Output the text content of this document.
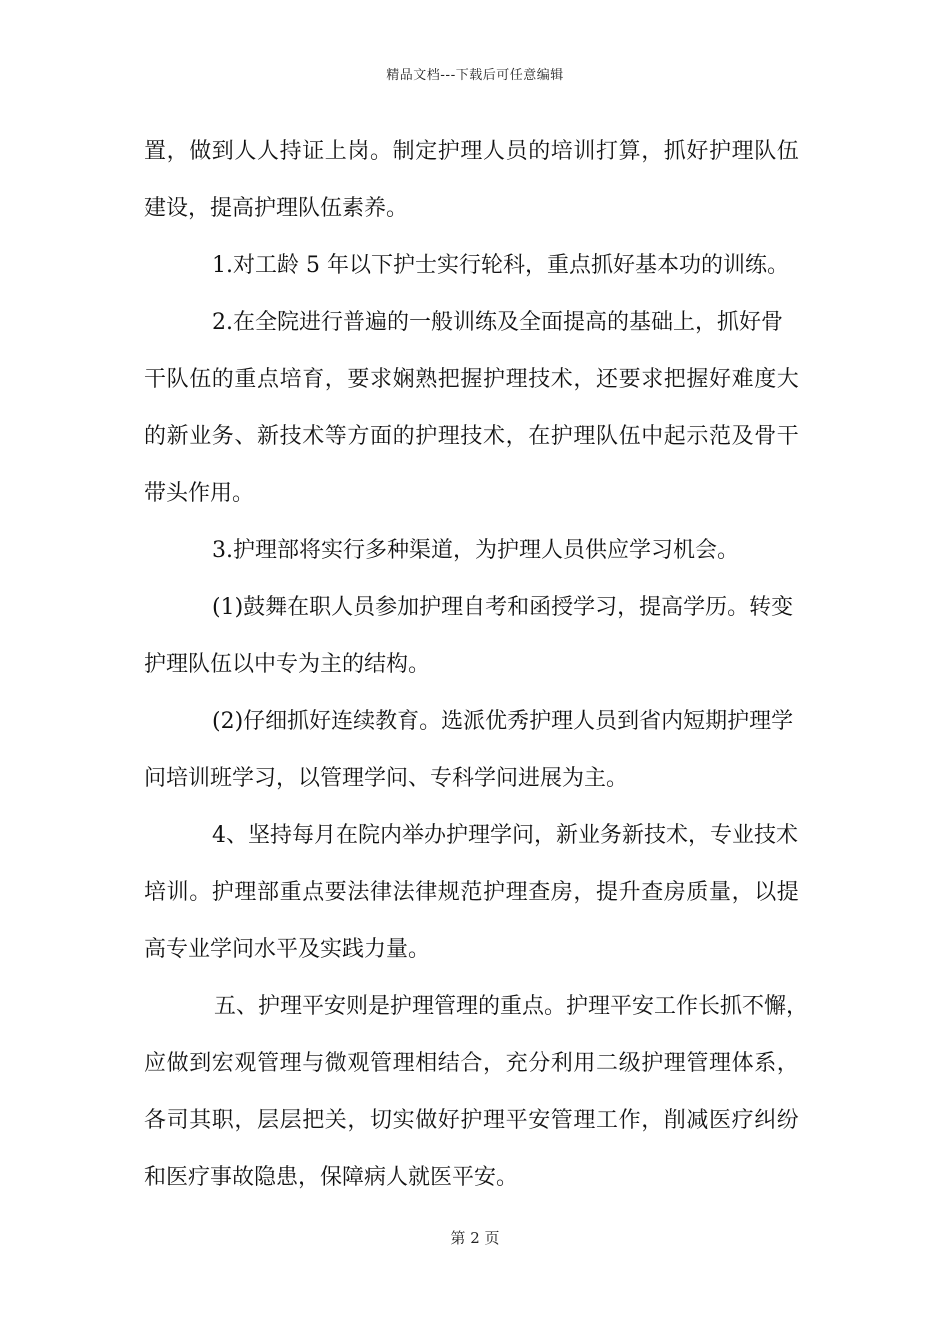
精品文档---下载后可任意编辑
置，做到人人持证上岗。制定护理人员的培训打算，抓好护理队伍
建设，提高护理队伍素养。
1.对工龄 5 年以下护士实行轮科，重点抓好基本功的训练。
2.在全院进行普遍的一般训练及全面提高的基础上，抓好骨
干队伍的重点培育，要求娴熟把握护理技术，还要求把握好难度大
的新业务、新技术等方面的护理技术，在护理队伍中起示范及骨干
带头作用。
3.护理部将实行多种渠道，为护理人员供应学习机会。
(1)鼓舞在职人员参加护理自考和函授学习，提高学历。转变
护理队伍以中专为主的结构。
(2)仔细抓好连续教育。选派优秀护理人员到省内短期护理学
问培训班学习，以管理学问、专科学问进展为主。
4、坚持每月在院内举办护理学问，新业务新技术，专业技术
培训。护理部重点要法律法律规范护理查房，提升查房质量，以提
高专业学问水平及实践力量。
五、护理平安则是护理管理的重点。护理平安工作长抓不懈，
应做到宏观管理与微观管理相结合，充分利用二级护理管理体系，
各司其职，层层把关，切实做好护理平安管理工作，削减医疗纠纷
和医疗事故隐患，保障病人就医平安。
第 2 页
